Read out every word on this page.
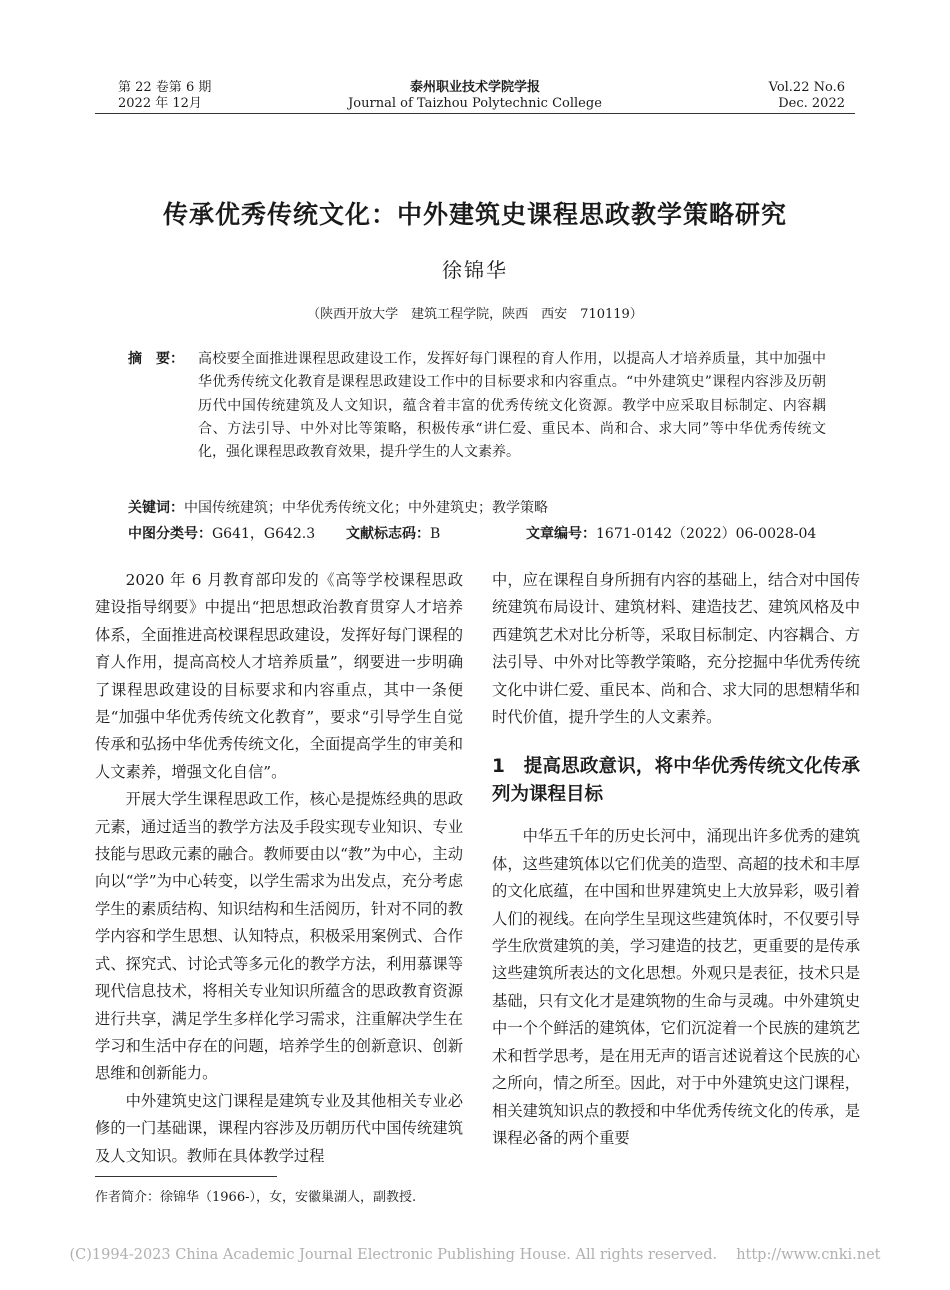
第 22 卷第 6 期
2022 年 12月
泰州职业技术学院学报
Journal of Taizhou Polytechnic College
Vol.22 No.6
Dec. 2022
传承优秀传统文化：中外建筑史课程思政教学策略研究
徐锦华
（陕西开放大学　建筑工程学院，陕西　西安　710119）
摘　要： 高校要全面推进课程思政建设工作，发挥好每门课程的育人作用，以提高人才培养质量，其中加强中华优秀传统文化教育是课程思政建设工作中的目标要求和内容重点。“中外建筑史”课程内容涉及历朝历代中国传统建筑及人文知识，蕴含着丰富的优秀传统文化资源。教学中应采取目标制定、内容耦合、方法引导、中外对比等策略，积极传承“讲仁爱、重民本、尚和合、求大同”等中华优秀传统文化，强化课程思政教育效果，提升学生的人文素养。
关键词：中国传统建筑；中华优秀传统文化；中外建筑史；教学策略
中图分类号：G641，G642.3 文献标志码：B	文章编号：1671-0142（2022）06-0028-04

2020 年 6 月教育部印发的《高等学校课程思政建设指导纲要》中提出“把思想政治教育贯穿人才培养体系，全面推进高校课程思政建设，发挥好每门课程的育人作用，提高高校人才培养质量”，纲要进一步明确了课程思政建设的目标要求和内容重点，其中一条便是“加强中华优秀传统文化教育”，要求“引导学生自觉传承和弘扬中华优秀传统文化，全面提高学生的审美和人文素养，增强文化自信”。

开展大学生课程思政工作，核心是提炼经典的思政元素，通过适当的教学方法及手段实现专业知识、专业技能与思政元素的融合。教师要由以“教”为中心，主动向以“学”为中心转变，以学生需求为出发点，充分考虑学生的素质结构、知识结构和生活阅历，针对不同的教学内容和学生思想、认知特点，积极采用案例式、合作式、探究式、讨论式等多元化的教学方法，利用慕课等现代信息技术，将相关专业知识所蕴含的思政教育资源进行共享，满足学生多样化学习需求，注重解决学生在学习和生活中存在的问题，培养学生的创新意识、创新思维和创新能力。

中外建筑史这门课程是建筑专业及其他相关专业必修的一门基础课，课程内容涉及历朝历代中国传统建筑及人文知识。教师在具体教学过程

中，应在课程自身所拥有内容的基础上，结合对中国传统建筑布局设计、建筑材料、建造技艺、建筑风格及中西建筑艺术对比分析等，采取目标制定、内容耦合、方法引导、中外对比等教学策略，充分挖掘中华优秀传统文化中讲仁爱、重民本、尚和合、求大同的思想精华和时代价值，提升学生的人文素养。

1　提高思政意识，将中华优秀传统文化传承列为课程目标

中华五千年的历史长河中，涌现出许多优秀的建筑体，这些建筑体以它们优美的造型、高超的技术和丰厚的文化底蕴，在中国和世界建筑史上大放异彩，吸引着人们的视线。在向学生呈现这些建筑体时，不仅要引导学生欣赏建筑的美，学习建造的技艺，更重要的是传承这些建筑所表达的文化思想。外观只是表征，技术只是基础，只有文化才是建筑物的生命与灵魂。中外建筑史中一个个鲜活的建筑体，它们沉淀着一个民族的建筑艺术和哲学思考，是在用无声的语言述说着这个民族的心之所向，情之所至。因此，对于中外建筑史这门课程，相关建筑知识点的教授和中华优秀传统文化的传承，是课程必备的两个重要

作者简介：徐锦华（1966-），女，安徽巢湖人，副教授.
(C)1994-2023 China Academic Journal Electronic Publishing House. All rights reserved.　 http://www.cnki.net
